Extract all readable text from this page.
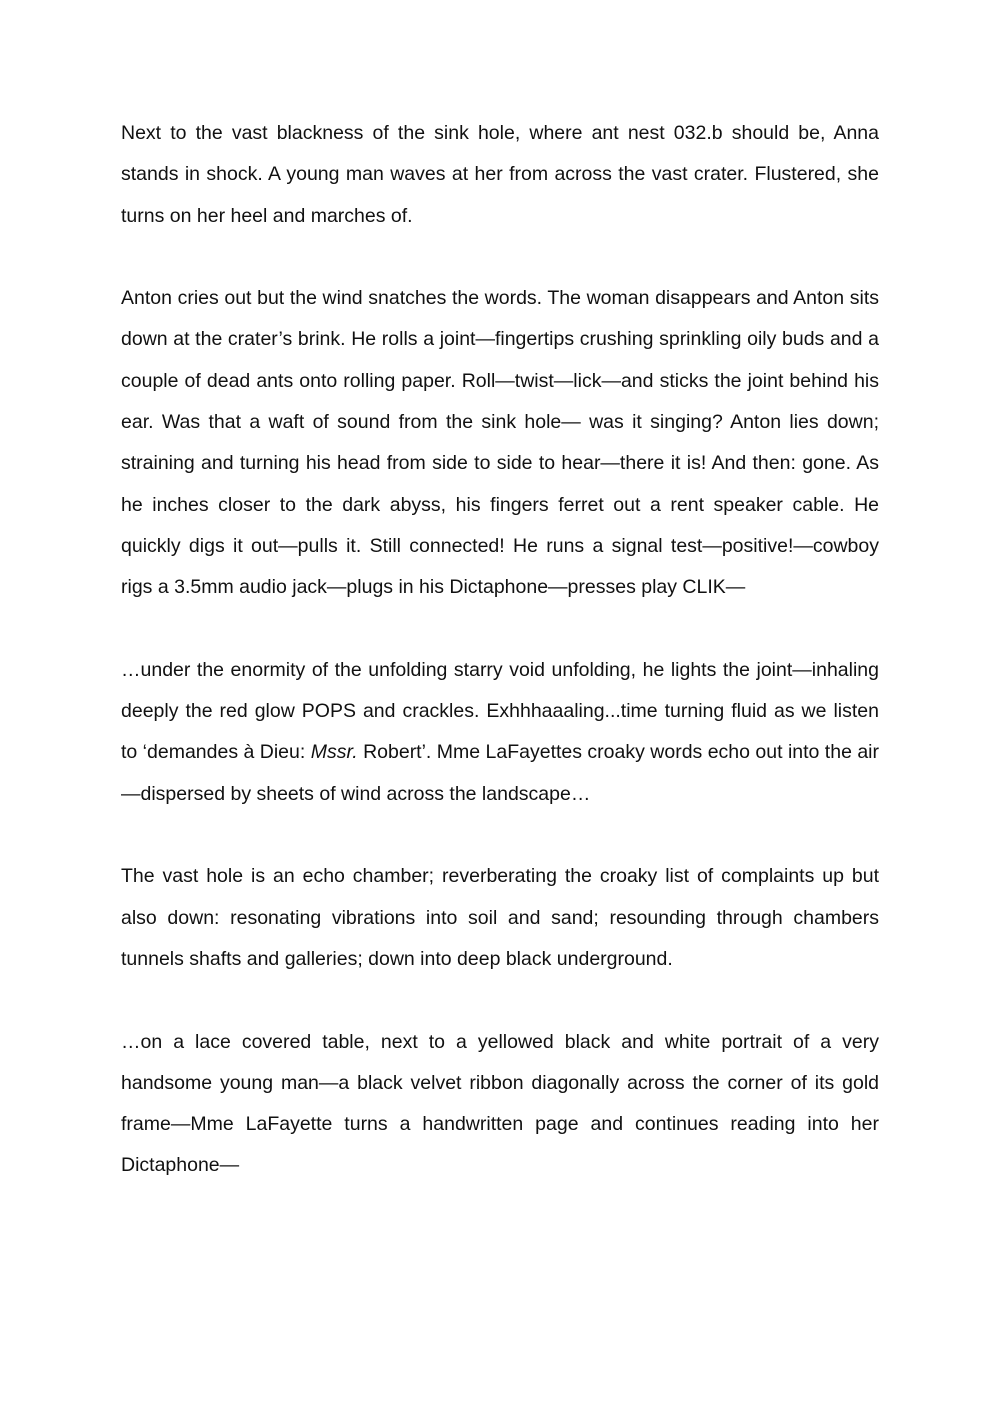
Next to the vast blackness of the sink hole, where ant nest 032.b should be, Anna stands in shock. A young man waves at her from across the vast crater. Flustered, she turns on her heel and marches of.

Anton cries out but the wind snatches the words. The woman disappears and Anton sits down at the crater’s brink. He rolls a joint—fingertips crushing sprinkling oily buds and a couple of dead ants onto rolling paper. Roll—twist—lick—and sticks the joint behind his ear. Was that a waft of sound from the sink hole— was it singing? Anton lies down; straining and turning his head from side to side to hear—there it is! And then: gone. As he inches closer to the dark abyss, his fingers ferret out a rent speaker cable. He quickly digs it out—pulls it. Still connected! He runs a signal test—positive!—cowboy rigs a 3.5mm audio jack—plugs in his Dictaphone—presses play CLIK—

…under the enormity of the unfolding starry void unfolding, he lights the joint—inhaling deeply the red glow POPS and crackles. Exhhhaaaling...time turning fluid as we listen to ‘demandes à Dieu: Mssr. Robert’. Mme LaFayettes croaky words echo out into the air—dispersed by sheets of wind across the landscape…

The vast hole is an echo chamber; reverberating the croaky list of complaints up but also down: resonating vibrations into soil and sand; resounding through chambers tunnels shafts and galleries; down into deep black underground.

…on a lace covered table, next to a yellowed black and white portrait of a very handsome young man—a black velvet ribbon diagonally across the corner of its gold frame—Mme LaFayette turns a handwritten page and continues reading into her Dictaphone—
